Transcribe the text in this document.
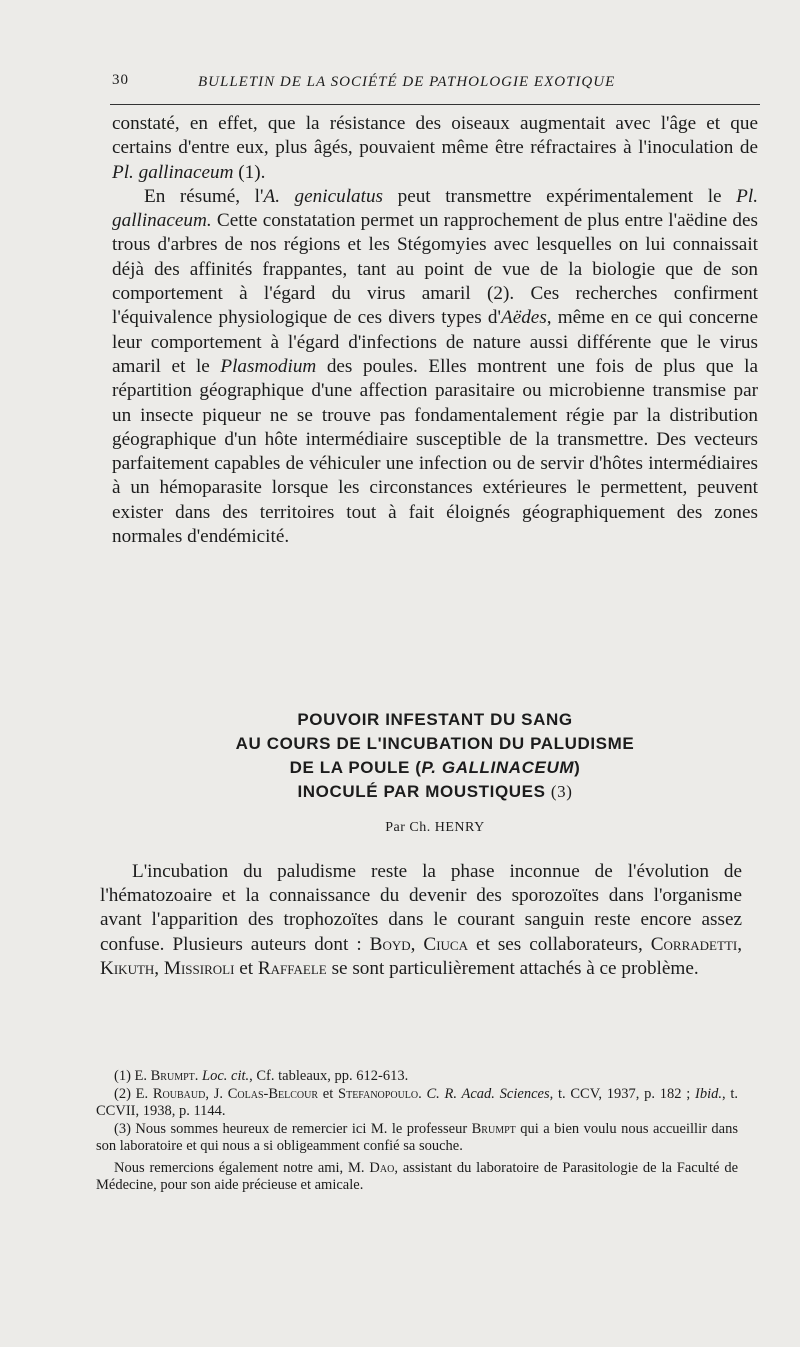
30	BULLETIN DE LA SOCIÉTÉ DE PATHOLOGIE EXOTIQUE

constaté, en effet, que la résistance des oiseaux augmentait avec l'âge et que certains d'entre eux, plus âgés, pouvaient même être réfractaires à l'inoculation de Pl. gallinaceum (1).

En résumé, l'A. geniculatus peut transmettre expérimentalement le Pl. gallinaceum. Cette constatation permet un rapprochement de plus entre l'aëdine des trous d'arbres de nos régions et les Stégomyies avec lesquelles on lui connaissait déjà des affinités frappantes, tant au point de vue de la biologie que de son comportement à l'égard du virus amaril (2). Ces recherches confirment l'équivalence physiologique de ces divers types d'Aëdes, même en ce qui concerne leur comportement à l'égard d'infections de nature aussi différente que le virus amaril et le Plasmodium des poules. Elles montrent une fois de plus que la répartition géographique d'une affection parasitaire ou microbienne transmise par un insecte piqueur ne se trouve pas fondamentalement régie par la distribution géographique d'un hôte intermédiaire susceptible de la transmettre. Des vecteurs parfaitement capables de véhiculer une infection ou de servir d'hôtes intermédiaires à un hémoparasite lorsque les circonstances extérieures le permettent, peuvent exister dans des territoires tout à fait éloignés géographiquement des zones normales d'endémicité.

POUVOIR INFESTANT DU SANG
AU COURS DE L'INCUBATION DU PALUDISME
DE LA POULE (P. GALLINACEUM)
INOCULÉ PAR MOUSTIQUES (3)
Par Ch. HENRY

L'incubation du paludisme reste la phase inconnue de l'évolution de l'hématozoaire et la connaissance du devenir des sporozoïtes dans l'organisme avant l'apparition des trophozoïtes dans le courant sanguin reste encore assez confuse. Plusieurs auteurs dont : Boyd, Ciuca et ses collaborateurs, Corradetti, Kikuth, Missiroli et Raffaele se sont particulièrement attachés à ce problème.

(1) E. Brumpt. Loc. cit., Cf. tableaux, pp. 612-613.

(2) E. Roubaud, J. Colas-Belcour et Stefanopoulo. C. R. Acad. Sciences, t. CCV, 1937, p. 182 ; Ibid., t. CCVII, 1938, p. 1144.

(3) Nous sommes heureux de remercier ici M. le professeur Brumpt qui a bien voulu nous accueillir dans son laboratoire et qui nous a si obligeamment confié sa souche.

Nous remercions également notre ami, M. Dao, assistant du laboratoire de Parasitologie de la Faculté de Médecine, pour son aide précieuse et amicale.
